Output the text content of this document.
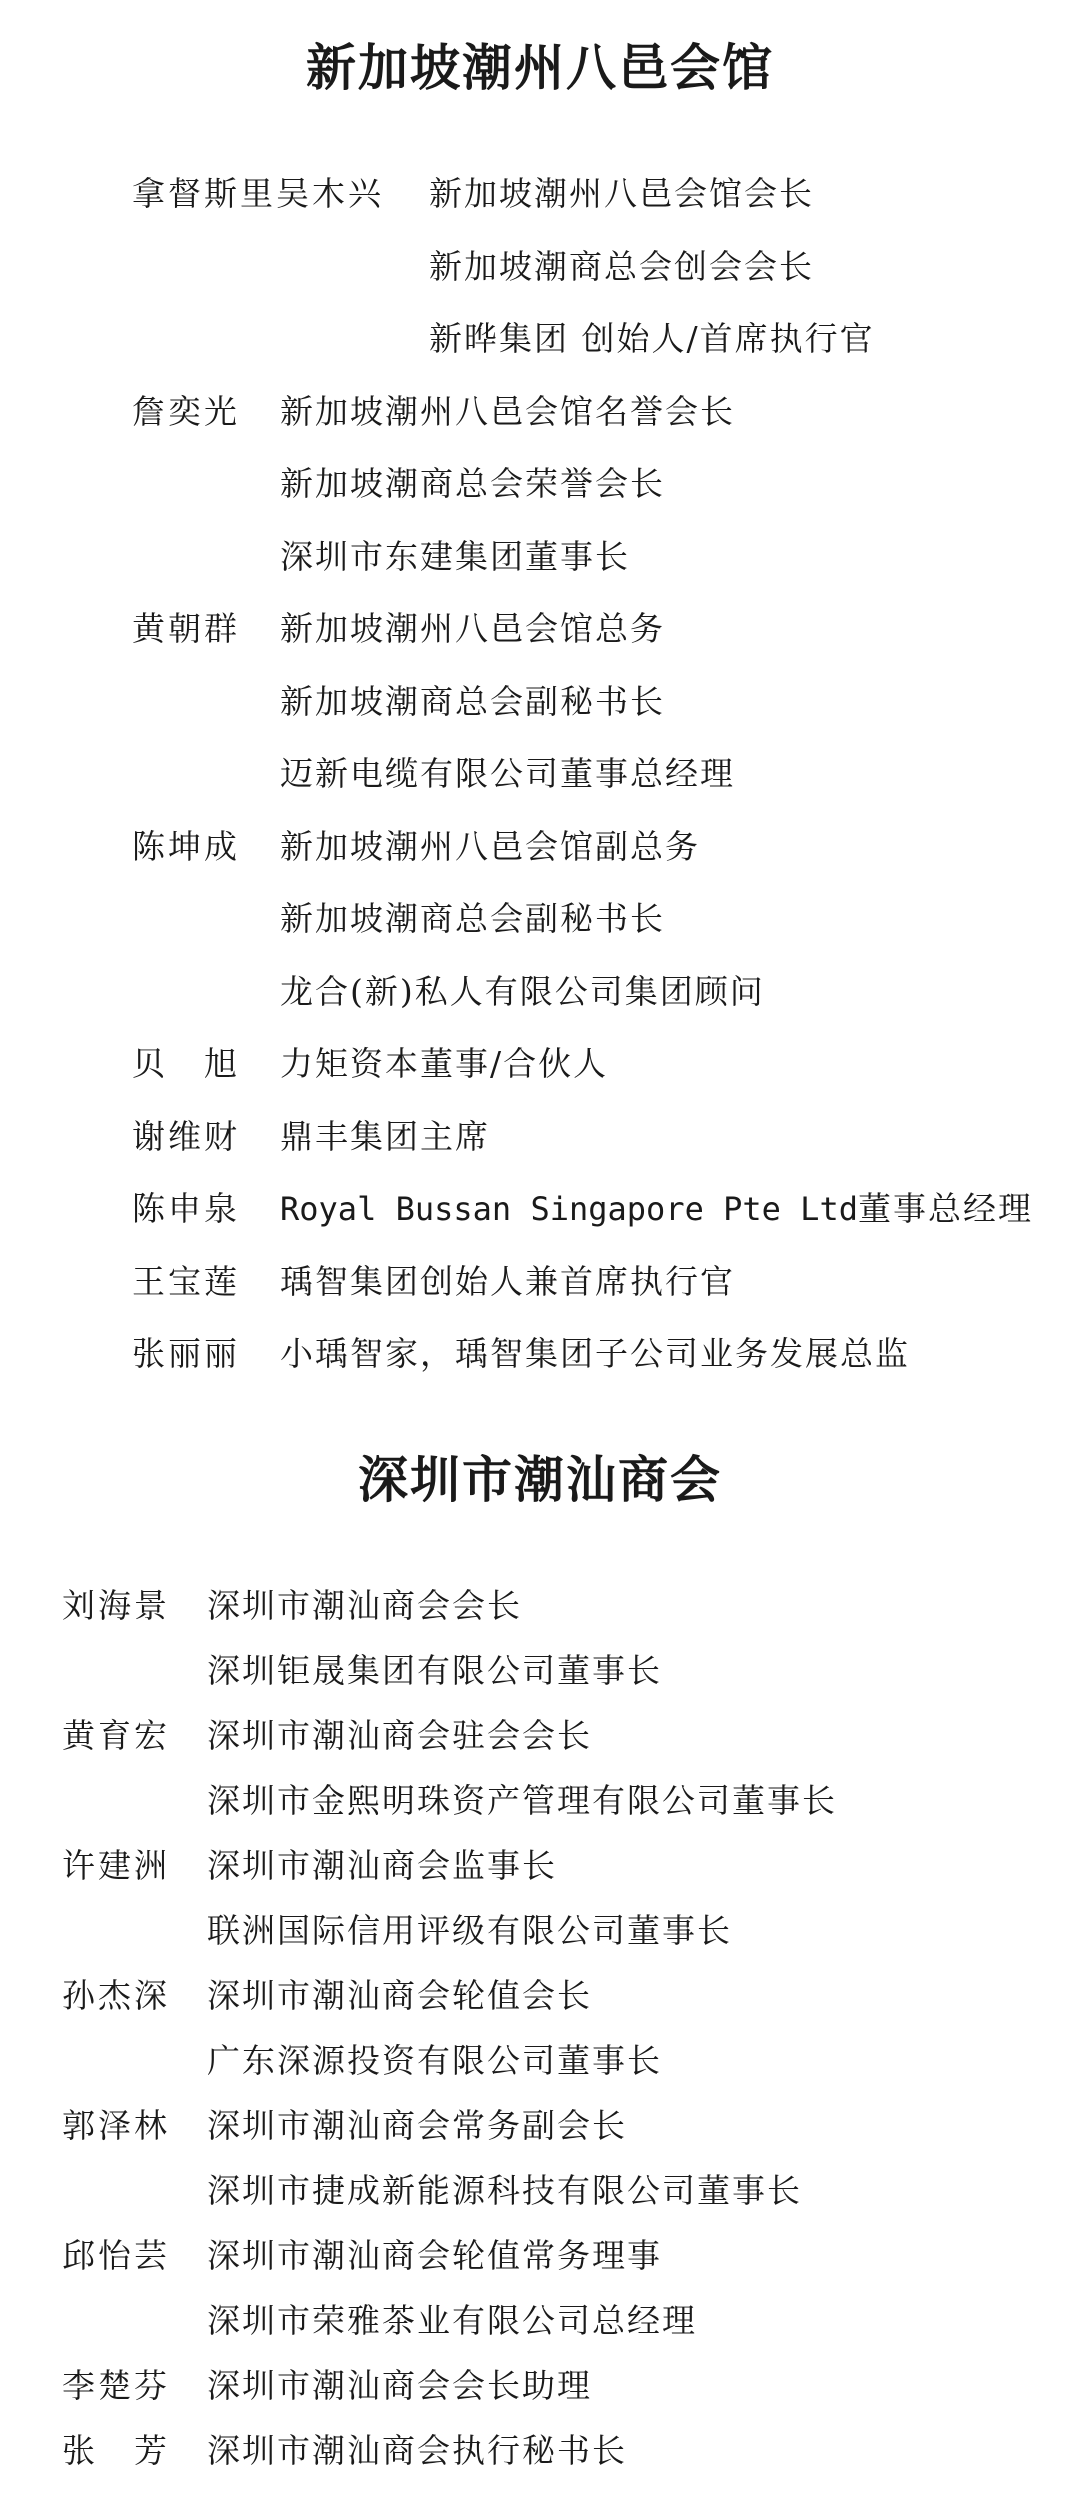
新加坡潮州八邑会馆
拿督斯里吴木兴	新加坡潮州八邑会馆会长
新加坡潮商总会创会会长
新晔集团 创始人/首席执行官
詹奕光	新加坡潮州八邑会馆名誉会长
新加坡潮商总会荣誉会长
深圳市东建集团董事长
黄朝群	新加坡潮州八邑会馆总务
新加坡潮商总会副秘书长
迈新电缆有限公司董事总经理
陈坤成	新加坡潮州八邑会馆副总务
新加坡潮商总会副秘书长
龙合(新)私人有限公司集团顾问
贝　旭	力矩资本董事/合伙人
谢维财	鼎丰集团主席
陈申泉	Royal Bussan Singapore Pte Ltd董事总经理
王宝莲	瑀智集团创始人兼首席执行官
张丽丽	小瑀智家，瑀智集团子公司业务发展总监
深圳市潮汕商会
刘海景	深圳市潮汕商会会长
深圳钜晟集团有限公司董事长
黄育宏	深圳市潮汕商会驻会会长
深圳市金熙明珠资产管理有限公司董事长
许建洲	深圳市潮汕商会监事长
联洲国际信用评级有限公司董事长
孙杰深	深圳市潮汕商会轮值会长
广东深源投资有限公司董事长
郭泽林	深圳市潮汕商会常务副会长
深圳市捷成新能源科技有限公司董事长
邱怡芸	深圳市潮汕商会轮值常务理事
深圳市荣雅茶业有限公司总经理
李楚芬	深圳市潮汕商会会长助理
张　芳	深圳市潮汕商会执行秘书长
